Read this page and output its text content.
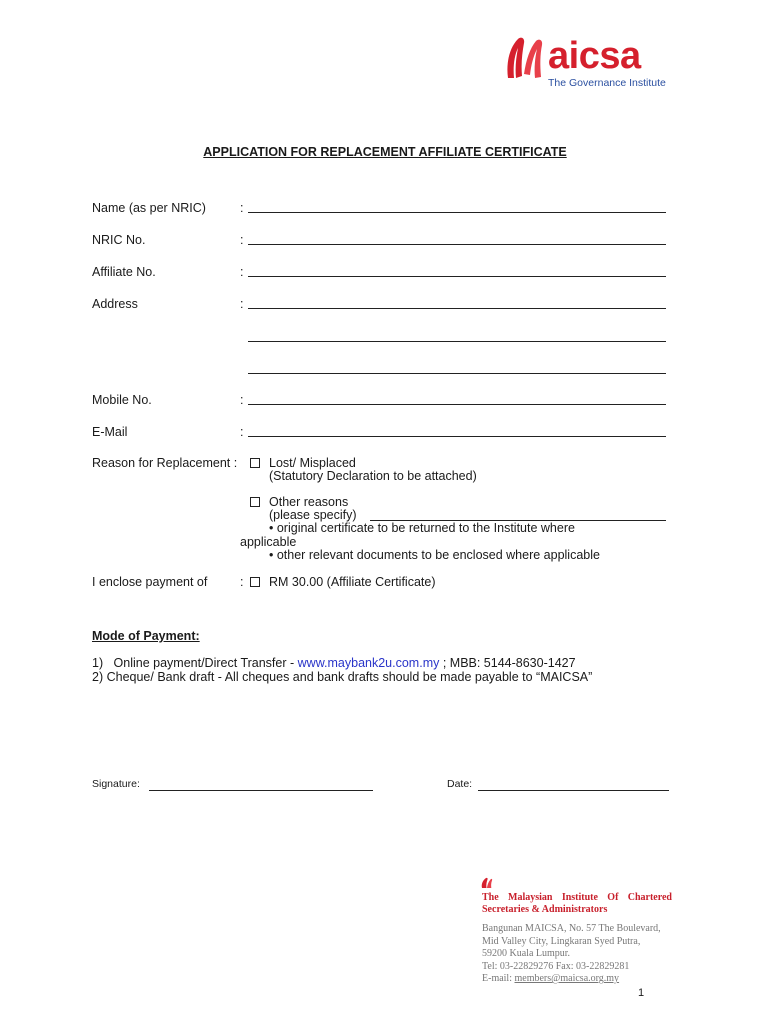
aicsa
The Governance Institute
APPLICATION FOR REPLACEMENT AFFILIATE CERTIFICATE
Name (as per NRIC)	:
NRIC No.	:
Affiliate No.	:
Address	:
Mobile No.	:
E-Mail	:
Reason for Replacement :	Lost/ Misplaced
(Statutory Declaration to be attached)
Other reasons
(please specify)
• original certificate to be returned to the Institute where
applicable
• other relevant documents to be enclosed where applicable
I enclose payment of	: RM 30.00 (Affiliate Certificate)
Mode of Payment:
1)   Online payment/Direct Transfer - www.maybank2u.com.my ; MBB: 5144-8630-1427
2) Cheque/ Bank draft - All cheques and bank drafts should be made payable to “MAICSA”
Signature:	Date:
The Malaysian Institute Of Chartered Secretaries & Administrators
Bangunan MAICSA, No. 57 The Boulevard,
Mid Valley City, Lingkaran Syed Putra,
59200 Kuala Lumpur.
Tel: 03-22829276 Fax: 03-22829281
E-mail: members@maicsa.org.my
1
